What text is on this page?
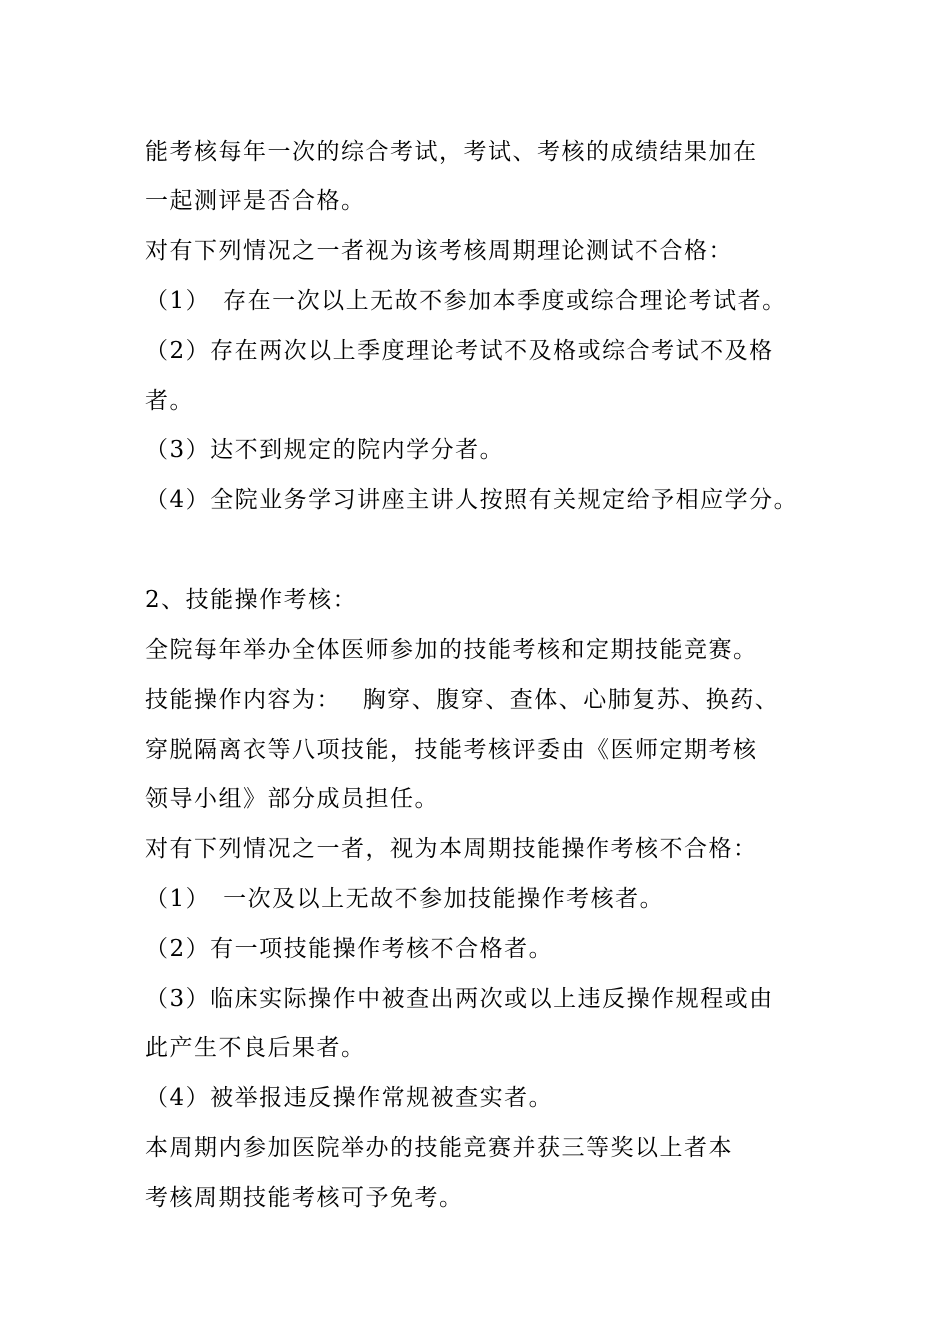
能考核每年一次的综合考试，考试、考核的成绩结果加在
一起测评是否合格。
对有下列情况之一者视为该考核周期理论测试不合格：
（1）　存在一次以上无故不参加本季度或综合理论考试者。
（2）存在两次以上季度理论考试不及格或综合考试不及格
者。
（3）达不到规定的院内学分者。
（4）全院业务学习讲座主讲人按照有关规定给予相应学分。
2、技能操作考核：
全院每年举办全体医师参加的技能考核和定期技能竞赛。
技能操作内容为：　 胸穿、腹穿、查体、心肺复苏、换药、
穿脱隔离衣等八项技能，技能考核评委由《医师定期考核
领导小组》部分成员担任。
对有下列情况之一者，视为本周期技能操作考核不合格：
（1）　一次及以上无故不参加技能操作考核者。
（2）有一项技能操作考核不合格者。
（3）临床实际操作中被查出两次或以上违反操作规程或由
此产生不良后果者。
（4）被举报违反操作常规被查实者。
本周期内参加医院举办的技能竞赛并获三等奖以上者本
考核周期技能考核可予免考。
